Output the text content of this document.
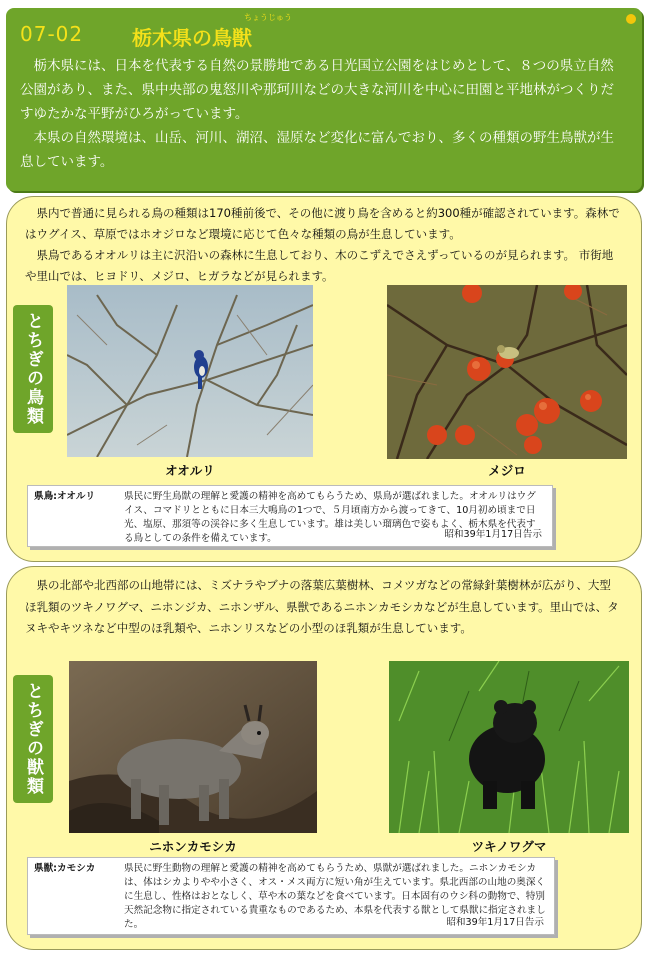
07-02 栃木県の鳥獣
ちょうじゅう

栃木県には、日本を代表する自然の景勝地である日光国立公園をはじめとして、８つの県立自然公園があり、また、県中央部の鬼怒川や那珂川などの大きな河川を中心に田園と平地林がつくりだすゆたかな平野がひろがっています。

本県の自然環境は、山岳、河川、湖沼、湿原など変化に富んでおり、多くの種類の野生鳥獣が生息しています。

県内で普通に見られる鳥の種類は170種前後で、その他に渡り鳥を含めると約300種が確認されています。森林ではウグイス、草原ではホオジロなど環境に応じて色々な種類の鳥が生息しています。

県鳥であるオオルリは主に沢沿いの森林に生息しており、木のこずえでさえずっているのが見られます。 市街地や里山では、ヒヨドリ、メジロ、ヒガラなどが見られます。

とちぎの鳥類
オオルリ	メジロ
県鳥:オオルリ	県民に野生鳥獣の理解と愛護の精神を高めてもらうため、県鳥が選ばれました。オオルリはウグイス、コマドリとともに日本三大鳴鳥の1つで、５月頃南方から渡ってきて、10月初め頃まで日光、塩原、那須等の渓谷に多く生息しています。雄は美しい瑠璃色で姿もよく、栃木県を代表する鳥としての条件を備えています。	昭和39年1月17日告示

県の北部や北西部の山地帯には、ミズナラやブナの落葉広葉樹林、コメツガなどの常緑針葉樹林が広がり、大型ほ乳類のツキノワグマ、ニホンジカ、ニホンザル、県獣であるニホンカモシカなどが生息しています。里山では、タヌキやキツネなど中型のほ乳類や、ニホンリスなどの小型のほ乳類が生息しています。

とちぎの獣類
ニホンカモシカ	ツキノワグマ
県獣:カモシカ	県民に野生動物の理解と愛護の精神を高めてもらうため、県獣が選ばれました。ニホンカモシカは、体はシカよりやや小さく、オス・メス両方に短い角が生えています。県北西部の山地の奥深くに生息し、性格はおとなしく、草や木の葉などを食べています。日本固有のウシ科の動物で、特別天然記念物に指定されている貴重なものであるため、本県を代表する獣として県獣に指定されました。	昭和39年1月17日告示
